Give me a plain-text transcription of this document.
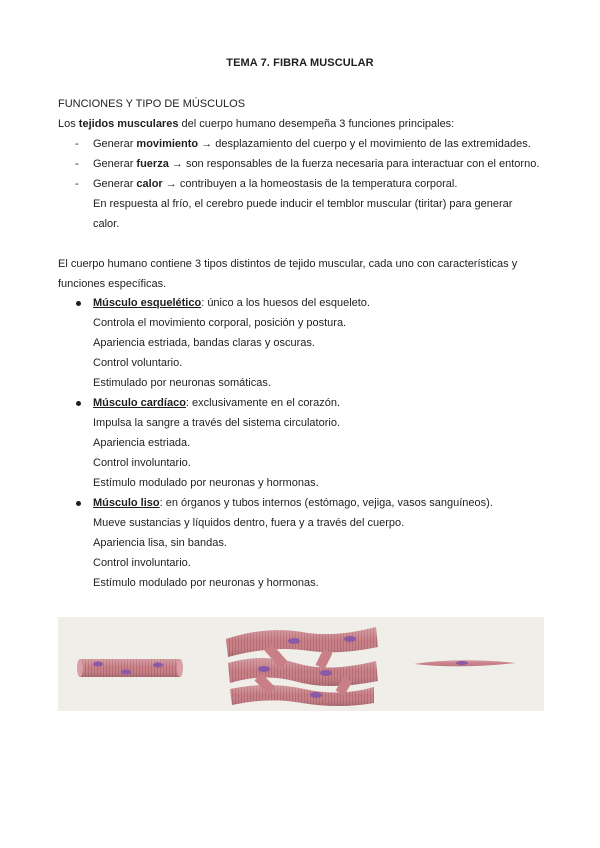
TEMA 7. FIBRA MUSCULAR
FUNCIONES Y TIPO DE MÚSCULOS
Los tejidos musculares del cuerpo humano desempeña 3 funciones principales:
- Generar movimiento → desplazamiento del cuerpo y el movimiento de las extremidades.
- Generar fuerza → son responsables de la fuerza necesaria para interactuar con el entorno.
- Generar calor → contribuyen a la homeostasis de la temperatura corporal.
En respuesta al frío, el cerebro puede inducir el temblor muscular (tiritar) para generar
calor.
El cuerpo humano contiene 3 tipos distintos de tejido muscular, cada uno con características y
funciones específicas.
Músculo esquelético: único a los huesos del esqueleto.
Controla el movimiento corporal, posición y postura.
Apariencia estriada, bandas claras y oscuras.
Control voluntario.
Estimulado por neuronas somáticas.
Músculo cardíaco: exclusivamente en el corazón.
Impulsa la sangre a través del sistema circulatorio.
Apariencia estriada.
Control involuntario.
Estímulo modulado por neuronas y hormonas.
Músculo liso: en órganos y tubos internos (estómago, vejiga, vasos sanguíneos).
Mueve sustancias y líquidos dentro, fuera y a través del cuerpo.
Apariencia lisa, sin bandas.
Control involuntario.
Estímulo modulado por neuronas y hormonas.
